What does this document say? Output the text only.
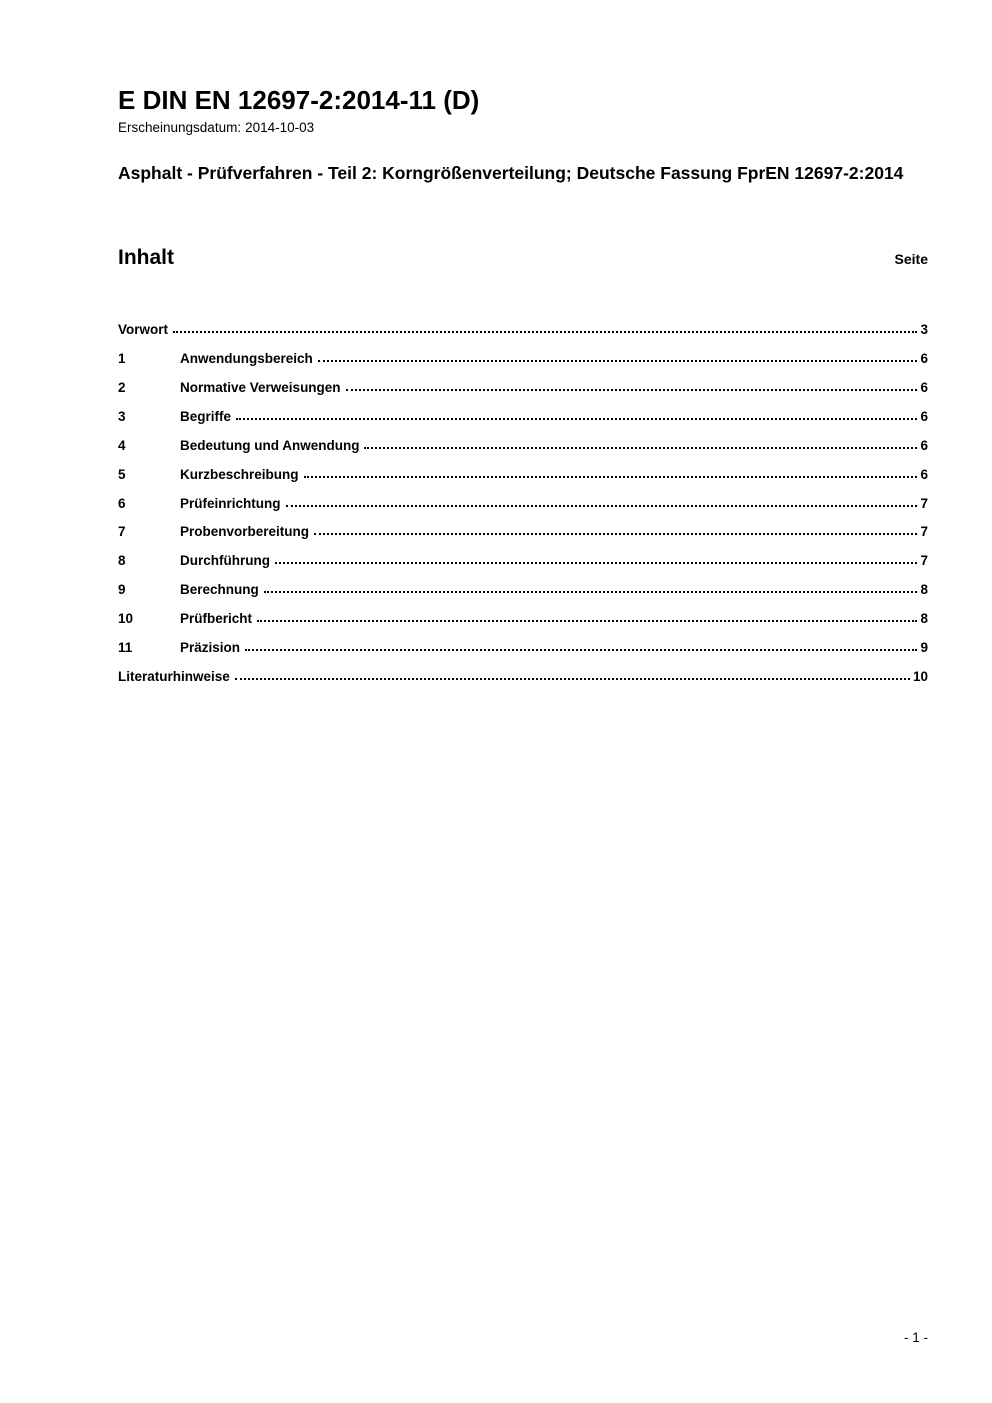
E DIN EN 12697-2:2014-11 (D)
Erscheinungsdatum: 2014-10-03
Asphalt - Prüfverfahren - Teil 2: Korngrößenverteilung; Deutsche Fassung FprEN 12697-2:2014
Inhalt	Seite
Vorwort	3
1	Anwendungsbereich	6
2	Normative Verweisungen	6
3	Begriffe	6
4	Bedeutung und Anwendung	6
5	Kurzbeschreibung	6
6	Prüfeinrichtung	7
7	Probenvorbereitung	7
8	Durchführung	7
9	Berechnung	8
10	Prüfbericht	8
11	Präzision	9
Literaturhinweise	10
- 1 -
